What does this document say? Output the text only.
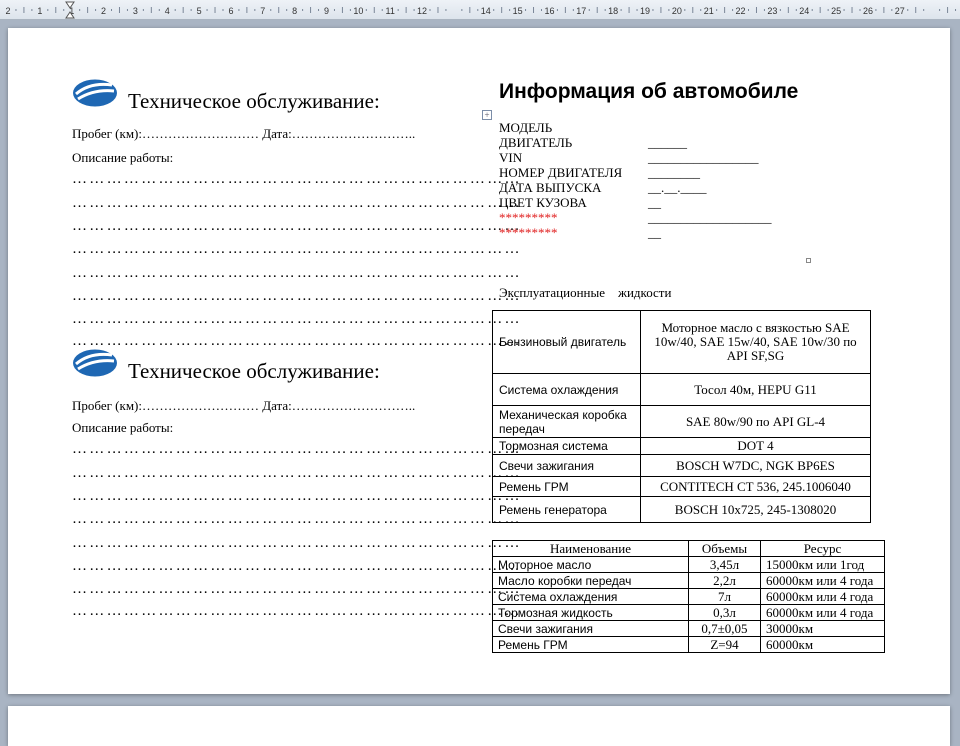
2	1	1	2	3	4	5	6	7	8	9	10 11 12	14 15 16 17 18 19 20 21 22 23 24 25 26 27
Техническое обслуживание:
Пробег (км):……………………… Дата:………………………..
Описание работы:
……………………………………………………………………
……………………………………………………………………
……………………………………………………………………
……………………………………………………………………
……………………………………………………………………
……………………………………………………………………
……………………………………………………………………
……………………………………………………………………
Техническое обслуживание:
Пробег (км):……………………… Дата:………………………..
Описание работы:
……………………………………………………………………
……………………………………………………………………
……………………………………………………………………
……………………………………………………………………
……………………………………………………………………
……………………………………………………………………
……………………………………………………………………
……………………………………………………………………
Информация об автомобиле
+
МОДЕЛЬ
ДВИГАТЕЛЬ	______
VIN	_________________
НОМЕР ДВИГАТЕЛЯ ________
ДАТА ВЫПУСКА	__.__.____
ЦВЕТ КУЗОВА	__
*********	___________________
*********	__
Эксплуатационные    жидкости
Бензиновый двигатель	Моторное масло с вязкостью SAE 10w/40, SAE 15w/40, SAE 10w/30 по API SF,SG
Система охлаждения	Тосол 40м, HEPU G11
Механическая коробка передач	SAE 80w/90 по API GL-4
Тормозная система	DOT 4
Свечи зажигания	BOSCH W7DC, NGK BP6ES
Ремень ГРМ	CONTITECH CT 536, 245.1006040
Ремень генератора	BOSCH 10x725, 245-1308020
Наименование	Объемы	Ресурс
Моторное масло	3,45л	15000км или 1год
Масло коробки передач	2,2л	60000км или 4 года
Система охлаждения	7л	60000км или 4 года
Тормозная жидкость	0,3л	60000км или 4 года
Свечи зажигания	0,7±0,05	30000км
Ремень ГРМ	Z=94	60000км
